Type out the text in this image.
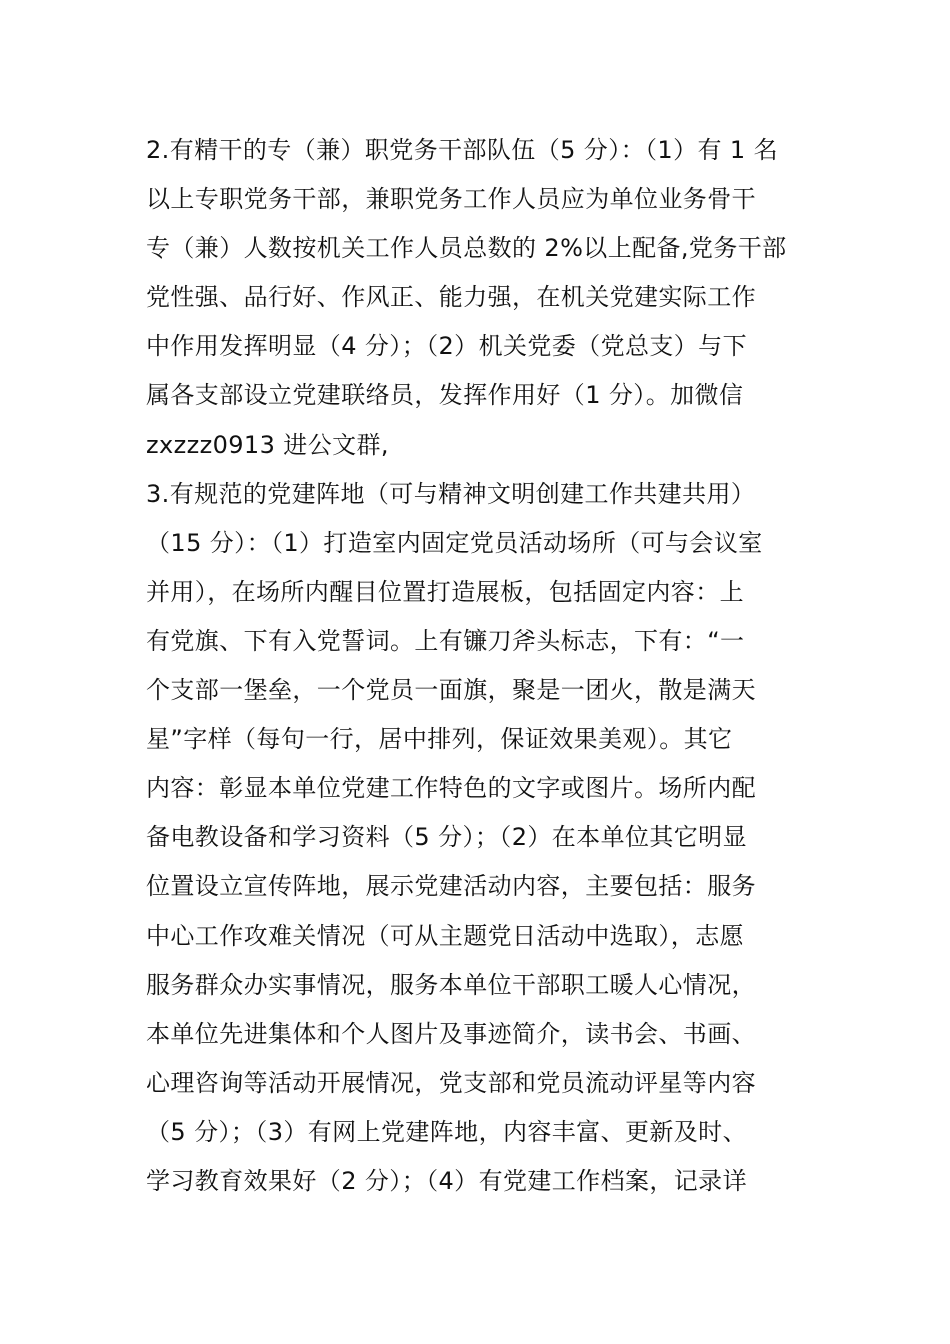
2.有精干的专（兼）职党务干部队伍（5 分）：（1）有 1 名
以上专职党务干部，兼职党务工作人员应为单位业务骨干
专（兼）人数按机关工作人员总数的 2%以上配备,党务干部
党性强、品行好、作风正、能力强，在机关党建实际工作
中作用发挥明显（4 分）；（2）机关党委（党总支）与下
属各支部设立党建联络员，发挥作用好（1 分）。加微信
zxzzz0913 进公文群,
3.有规范的党建阵地（可与精神文明创建工作共建共用）
（15 分）：（1）打造室内固定党员活动场所（可与会议室
并用），在场所内醒目位置打造展板，包括固定内容：上
有党旗、下有入党誓词。上有镰刀斧头标志，下有：“一
个支部一堡垒，一个党员一面旗，聚是一团火，散是满天
星”字样（每句一行，居中排列，保证效果美观）。其它
内容：彰显本单位党建工作特色的文字或图片。场所内配
备电教设备和学习资料（5 分）；（2）在本单位其它明显
位置设立宣传阵地，展示党建活动内容，主要包括：服务
中心工作攻难关情况（可从主题党日活动中选取），志愿
服务群众办实事情况，服务本单位干部职工暖人心情况，
本单位先进集体和个人图片及事迹简介，读书会、书画、
心理咨询等活动开展情况，党支部和党员流动评星等内容
（5 分）；（3）有网上党建阵地，内容丰富、更新及时、
学习教育效果好（2 分）；（4）有党建工作档案，记录详
